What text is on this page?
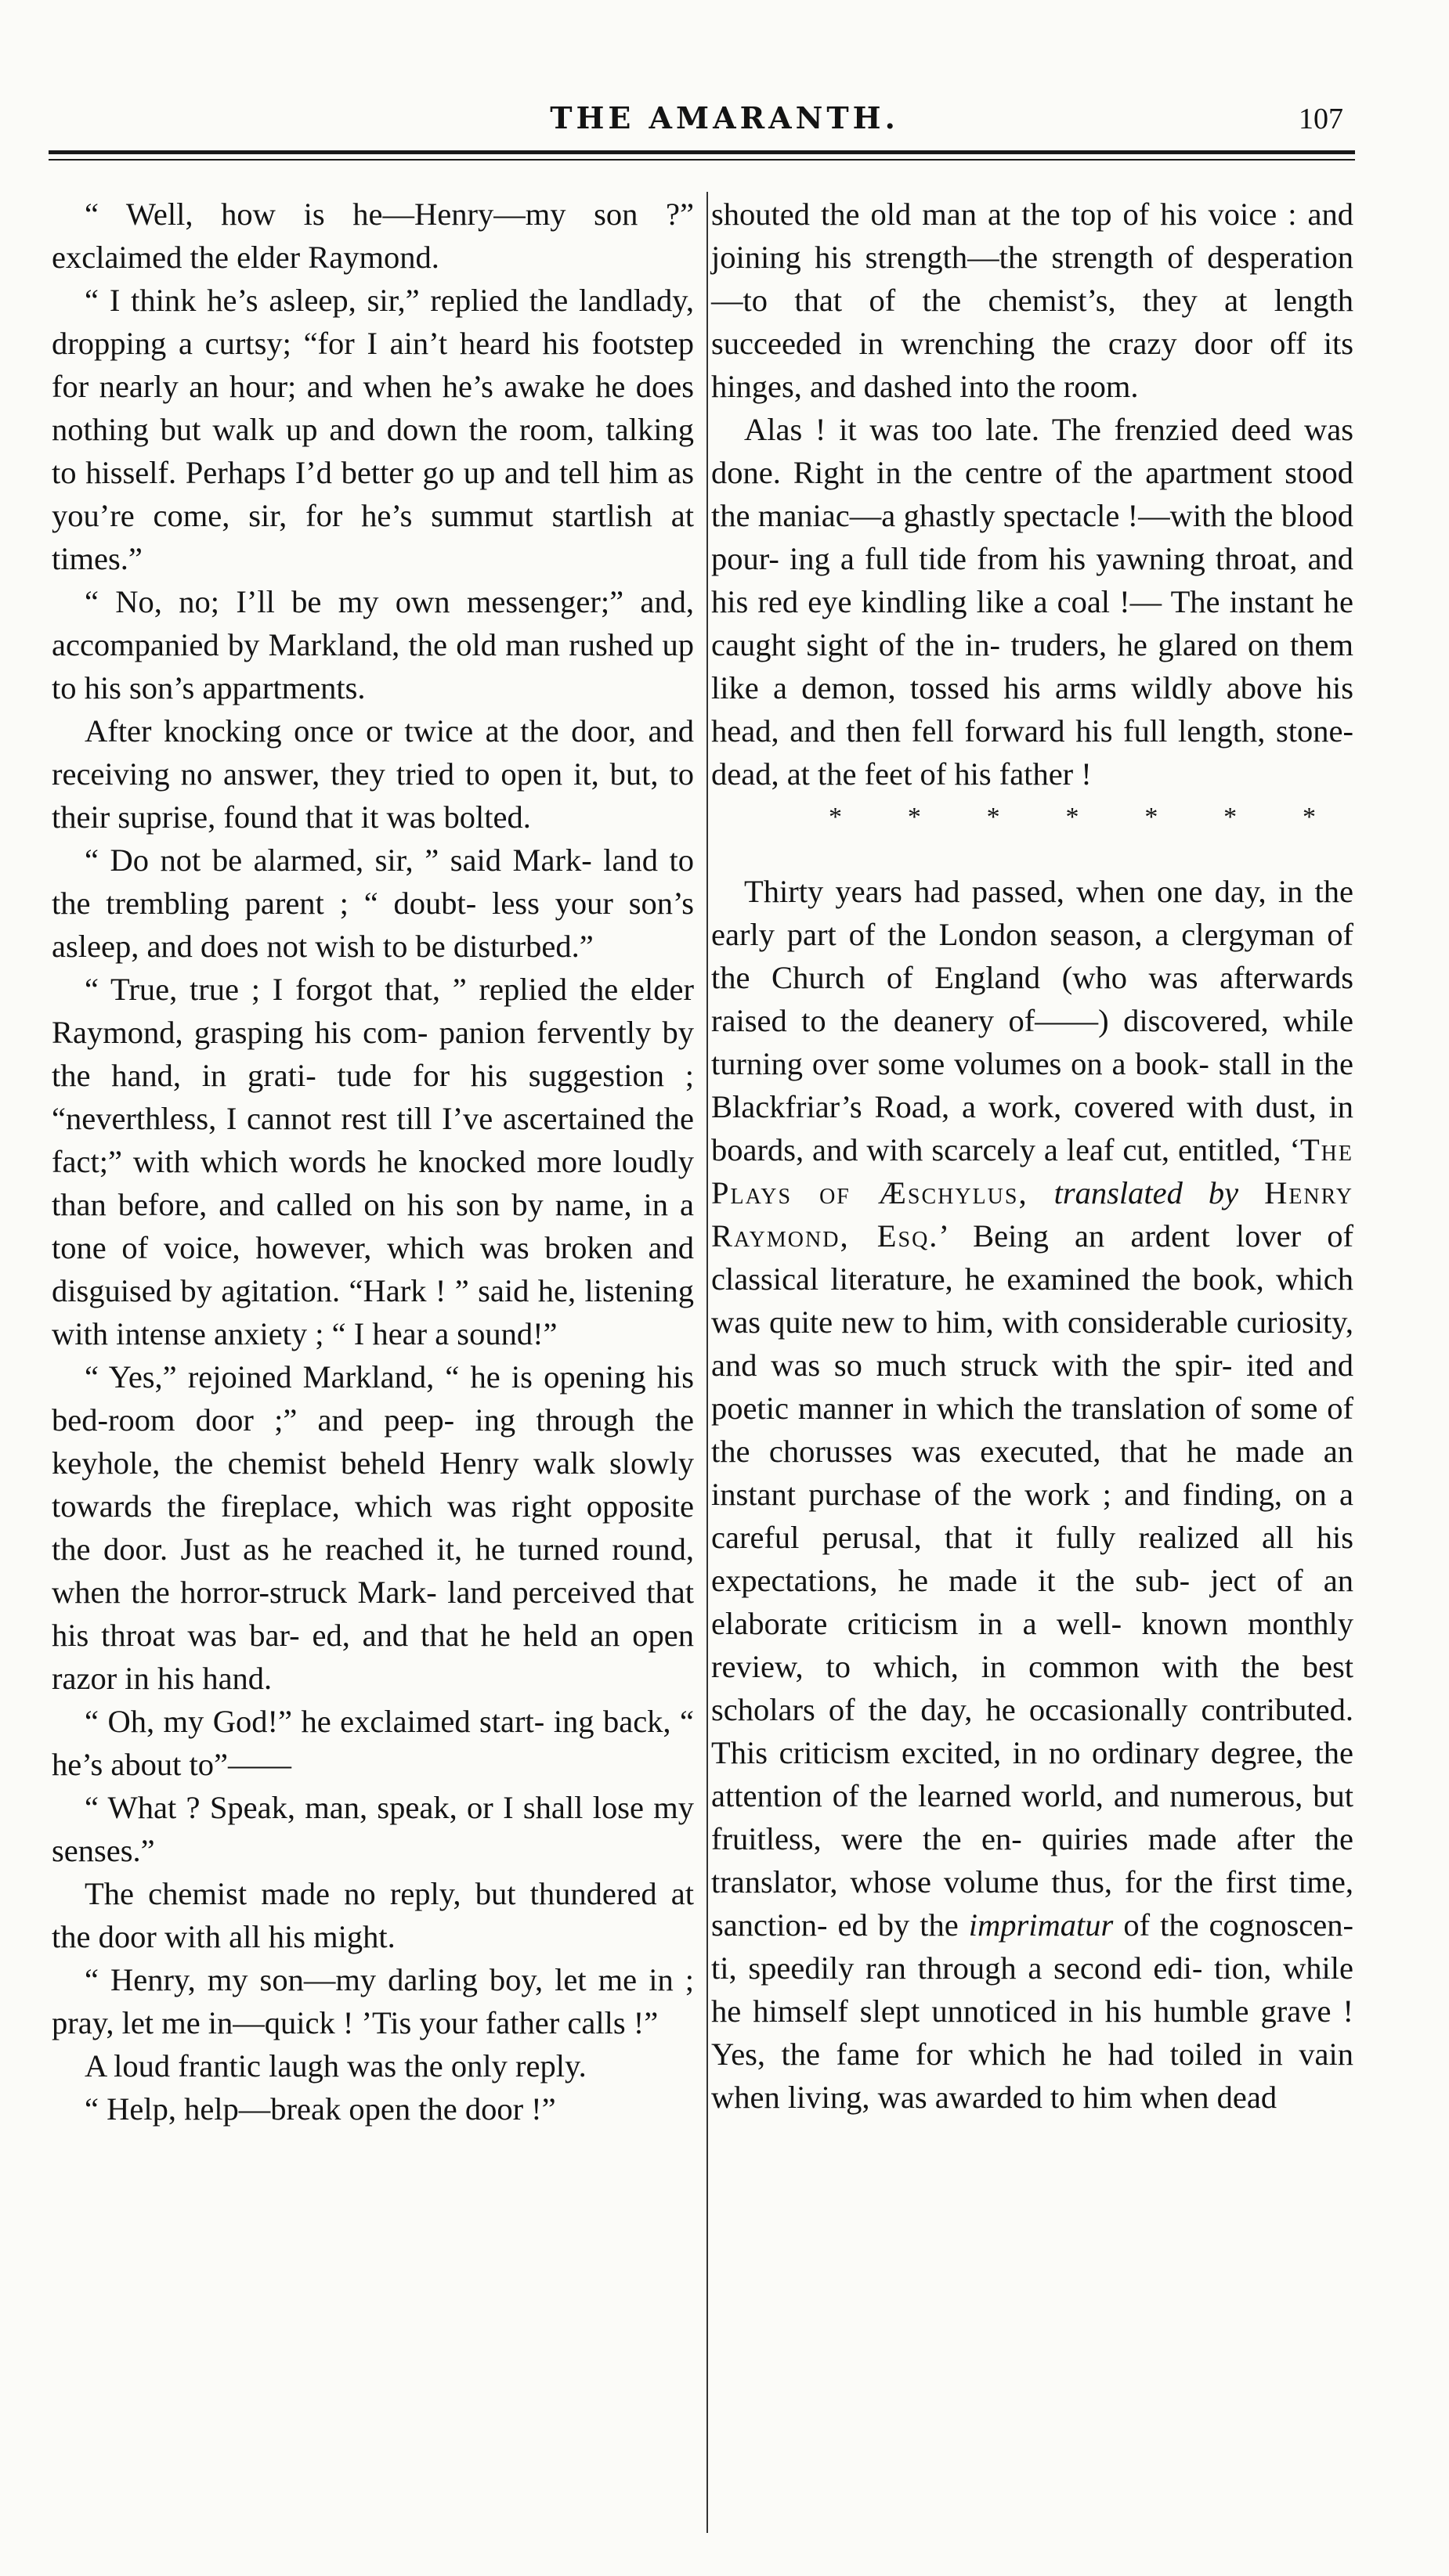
THE AMARANTH.	107

“ Well, how is he—Henry—my son ?” exclaimed the elder Raymond.

“ I think he’s asleep, sir,” replied the landlady, dropping a curtsy; “for I ain’t heard his footstep for nearly an hour; and when he’s awake he does nothing but walk up and down the room, talking to hisself. Perhaps I’d better go up and tell him as you’re come, sir, for he’s summut startlish at times.”

“ No, no; I’ll be my own messenger;” and, accompanied by Markland, the old man rushed up to his son’s appartments.

After knocking once or twice at the door, and receiving no answer, they tried to open it, but, to their suprise, found that it was bolted.

“ Do not be alarmed, sir, ” said Mark- land to the trembling parent ; “ doubt- less your son’s asleep, and does not wish to be disturbed.”

“ True, true ; I forgot that, ” replied the elder Raymond, grasping his com- panion fervently by the hand, in grati- tude for his suggestion ; “neverthless, I cannot rest till I’ve ascertained the fact;” with which words he knocked more loudly than before, and called on his son by name, in a tone of voice, however, which was broken and disguised by agitation. “Hark ! ” said he, listening with intense anxiety ; “ I hear a sound!”

“ Yes,” rejoined Markland, “ he is opening his bed-room door ;” and peep- ing through the keyhole, the chemist beheld Henry walk slowly towards the fireplace, which was right opposite the door. Just as he reached it, he turned round, when the horror-struck Mark- land perceived that his throat was bar- ed, and that he held an open razor in his hand.

“ Oh, my God!” he exclaimed start- ing back, “ he’s about to”——

“ What ? Speak, man, speak, or I shall lose my senses.”

The chemist made no reply, but thundered at the door with all his might.

“ Henry, my son—my darling boy, let me in ; pray, let me in—quick ! ’Tis your father calls !”

A loud frantic laugh was the only reply.

“ Help, help—break open the door !”

shouted the old man at the top of his voice : and joining his strength—the strength of desperation—to that of the chemist’s, they at length succeeded in wrenching the crazy door off its hinges, and dashed into the room.

Alas ! it was too late. The frenzied deed was done. Right in the centre of the apartment stood the maniac—a ghastly spectacle !—with the blood pour- ing a full tide from his yawning throat, and his red eye kindling like a coal !— The instant he caught sight of the in- truders, he glared on them like a demon, tossed his arms wildly above his head, and then fell forward his full length, stone-dead, at the feet of his father !

* * * * * * *

Thirty years had passed, when one day, in the early part of the London season, a clergyman of the Church of England (who was afterwards raised to the deanery of——) discovered, while turning over some volumes on a book- stall in the Blackfriar’s Road, a work, covered with dust, in boards, and with scarcely a leaf cut, entitled, ‘The Plays of Æschylus, translated by Henry Raymond, Esq.’ Being an ardent lover of classical literature, he examined the book, which was quite new to him, with considerable curiosity, and was so much struck with the spir- ited and poetic manner in which the translation of some of the chorusses was executed, that he made an instant purchase of the work ; and finding, on a careful perusal, that it fully realized all his expectations, he made it the sub- ject of an elaborate criticism in a well- known monthly review, to which, in common with the best scholars of the day, he occasionally contributed. This criticism excited, in no ordinary degree, the attention of the learned world, and numerous, but fruitless, were the en- quiries made after the translator, whose volume thus, for the first time, sanction- ed by the imprimatur of the cognoscen- ti, speedily ran through a second edi- tion, while he himself slept unnoticed in his humble grave ! Yes, the fame for which he had toiled in vain when living, was awarded to him when dead
